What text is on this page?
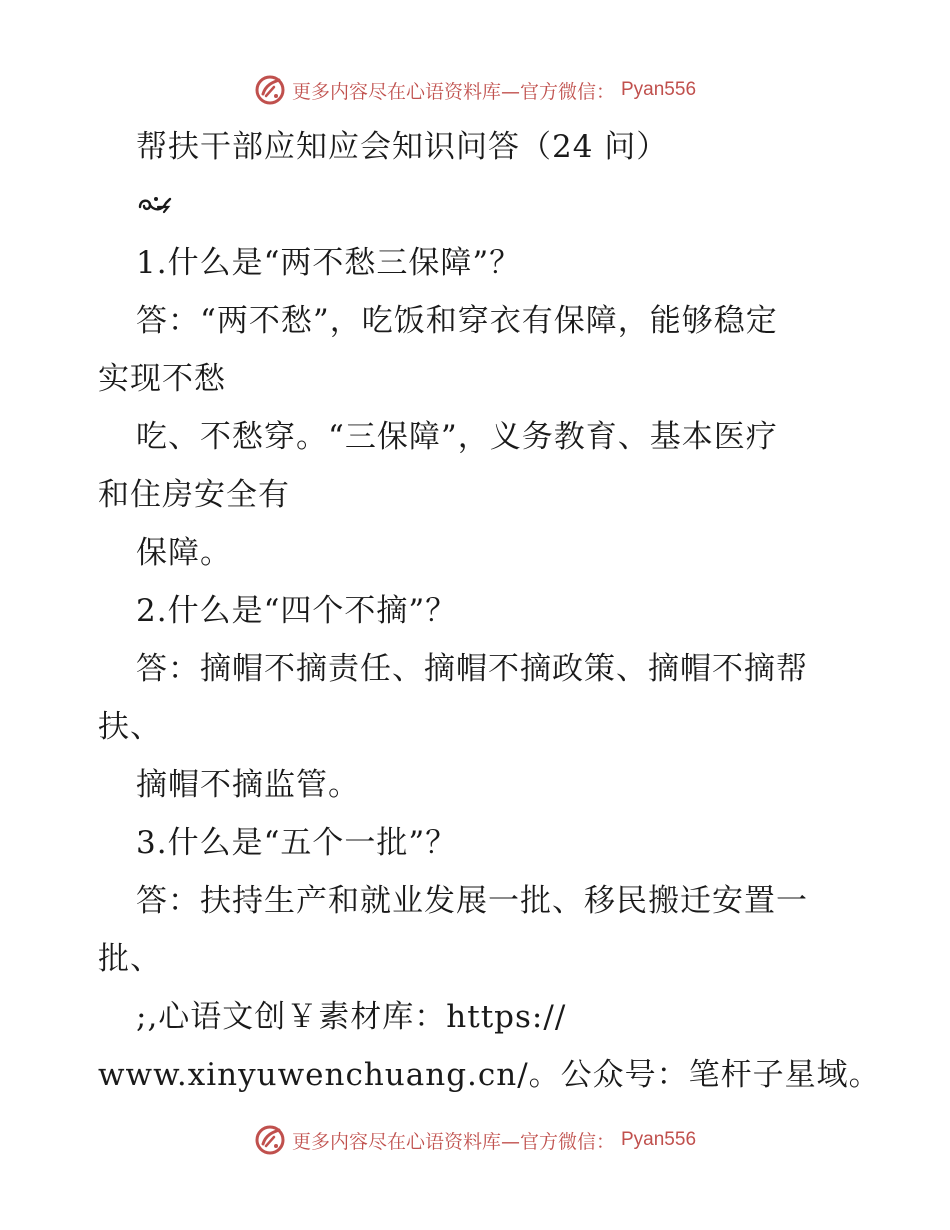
更多内容尽在心语资料库—官方微信： Pyan556
帮扶干部应知应会知识问答（24 问）
1.什么是“两不愁三保障”？
答：“两不愁”，吃饭和穿衣有保障，能够稳定
实现不愁
吃、不愁穿。“三保障”，义务教育、基本医疗
和住房安全有
保障。
2.什么是“四个不摘”？
答：摘帽不摘责任、摘帽不摘政策、摘帽不摘帮
扶、
摘帽不摘监管。
3.什么是“五个一批”？
答：扶持生产和就业发展一批、移民搬迁安置一
批、
;,心语文创￥素材库：https://
www.xinyuwenchuang.cn/。公众号：笔杆子星域。
更多内容尽在心语资料库—官方微信： Pyan556
